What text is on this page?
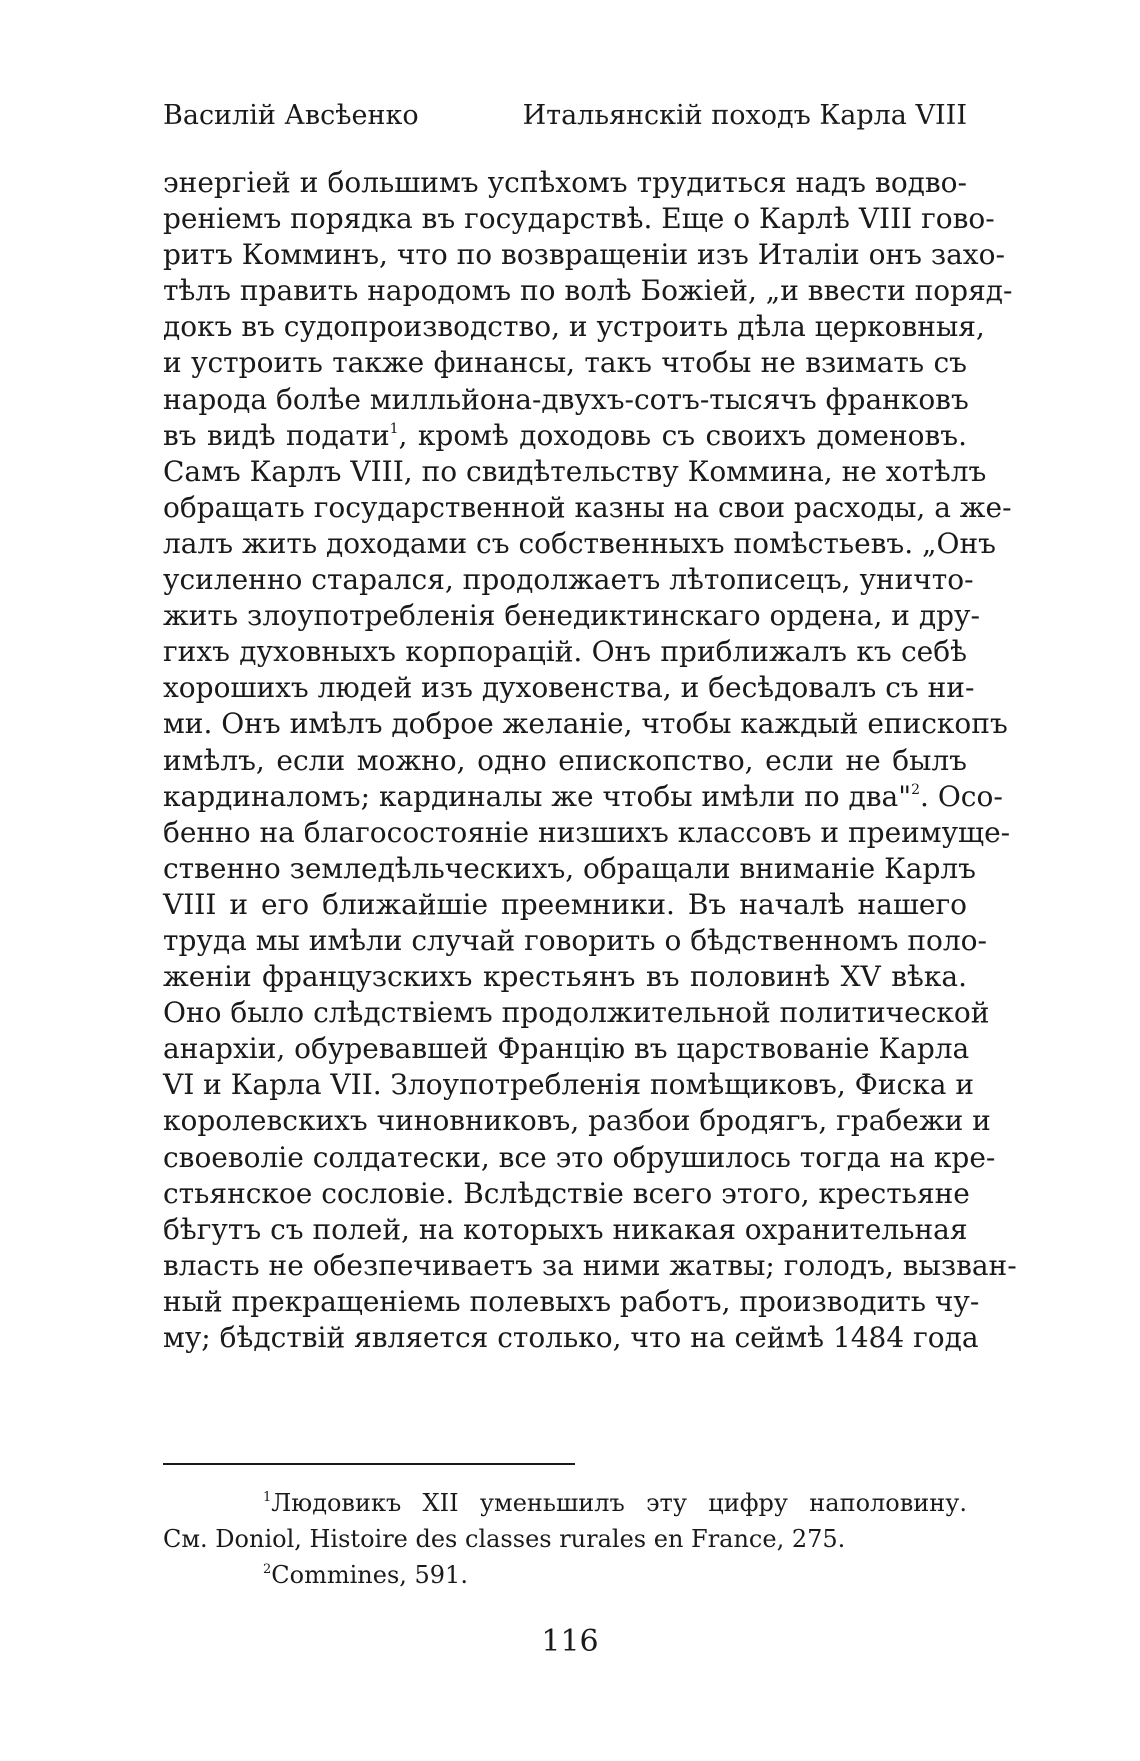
Василій Авсѣенко	Итальянскій походъ Карла VIII
энергіей и большимъ успѣхомъ трудиться надъ водво-
реніемъ порядка въ государствѣ. Еще о Карлѣ VIII гово-
ритъ Комминъ, что по возвращеніи изъ Италіи онъ захо-
тѣлъ править народомъ по волѣ Божіей, „и ввести поряд-
докъ въ судопроизводство, и устроить дѣла церковныя,
и устроить также финансы, такъ чтобы не взимать съ
народа болѣе милльйона-двухъ-сотъ-тысячъ франковъ
въ видѣ подати$^1$, кромѣ доходовь съ своихъ доменовъ.
Самъ Карлъ VIII, по свидѣтельству Коммина, не хотѣлъ
обращать государственной казны на свои расходы, а же-
лалъ жить доходами съ собственныхъ помѣстьевъ. „Онъ
усиленно старался, продолжаетъ лѣтописецъ, уничто-
жить злоупотребленія бенедиктинскаго ордена, и дру-
гихъ духовныхъ корпорацій. Онъ приближалъ къ себѣ
хорошихъ людей изъ духовенства, и бесѣдовалъ съ ни-
ми. Онъ имѣлъ доброе желаніе, чтобы каждый епископъ
имѣлъ, если можно, одно епископство, если не былъ
кардиналомъ; кардиналы же чтобы имѣли по два"$^2$. Осо-
бенно на благосостояніе низшихъ классовъ и преимуще-
ственно земледѣльческихъ, обращали вниманіе Карлъ
VIII и его ближайшіе преемники. Въ началѣ нашего
труда мы имѣли случай говорить о бѣдственномъ поло-
женіи французскихъ крестьянъ въ половинѣ XV вѣка.
Оно было слѣдствіемъ продолжительной политической
анархіи, обуревавшей Францію въ царствованіе Карла
VI и Карла VII. Злоупотребленія помѣщиковъ, Фиска и
королевскихъ чиновниковъ, разбои бродягъ, грабежи и
своеволіе солдатески, все это обрушилось тогда на кре-
стьянское сословіе. Вслѣдствіе всего этого, крестьяне
бѣгутъ съ полей, на которыхъ никакая охранительная
власть не обезпечиваетъ за ними жатвы; голодъ, вызван-
ный прекращеніемь полевыхъ работъ, производить чу-
му; бѣдствій является столько, что на сеймѣ 1484 года
$^1$Людовикъ XII уменьшилъ эту цифру наполовину.
См. Doniol, Histoire des classes rurales en France, 275.
$^2$Commines, 591.
116
